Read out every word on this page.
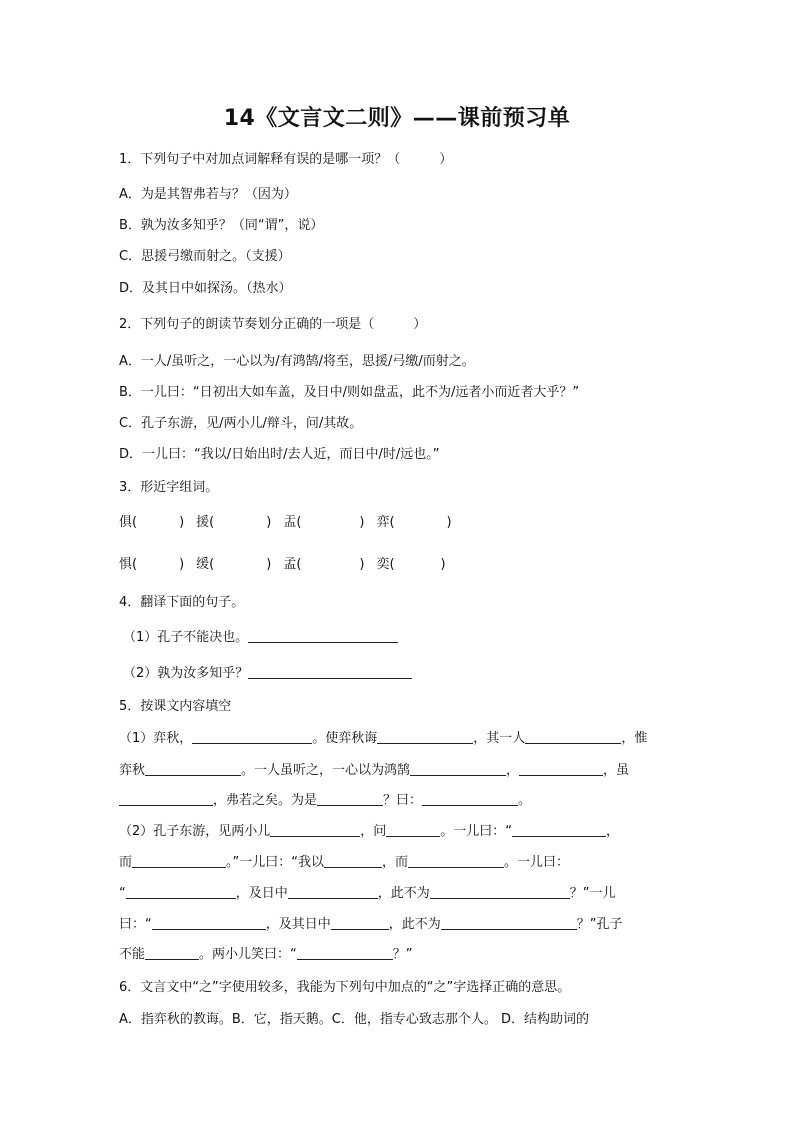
14《文言文二则》——课前预习单
1．下列句子中对加点词解释有误的是哪一项？（　　　）
A．为是其智弗若与？（因为）
B．孰为汝多知乎？（同“谓”，说）
C．思援弓缴而射之。（支援）
D．及其日中如探汤。（热水）
2．下列句子的朗读节奏划分正确的一项是（　　　）
A．一人/虽听之，一心以为/有鸿鹄/将至，思援/弓缴/而射之。
B．一儿曰：“日初出大如车盖，及日中/则如盘盂，此不为/远者小而近者大乎？”
C．孔子东游，见/两小儿/辩斗，问/其故。
D．一儿曰：“我以/日始出时/去人近，而日中/时/远也。”
3．形近字组词。
俱(	) 援(	) 盂(	) 弈(	)
惧(	) 缓(	) 孟(	) 奕(	)
4．翻译下面的句子。
（1）孔子不能决也。
（2）孰为汝多知乎？
5．按课文内容填空
（1）弈秋，	。使弈秋诲	，其一人	，惟
弈秋	。一人虽听之，一心以为鸿鹄	，	，虽
，弗若之矣。为是	？曰：	。
（2）孔子东游，见两小儿	，问	。一儿曰：“	，
而	。”一儿曰：“我以	，而	。一儿曰：
“	，及日中	，此不为	？”一儿
曰：“	，及其日中	，此不为	？”孔子
不能	。两小儿笑曰：“	？”
6．文言文中“之”字使用较多，我能为下列句中加点的“之”字选择正确的意思。
A．指弈秋的教诲。B．它，指天鹅。C．他，指专心致志那个人。 D．结构助词的
